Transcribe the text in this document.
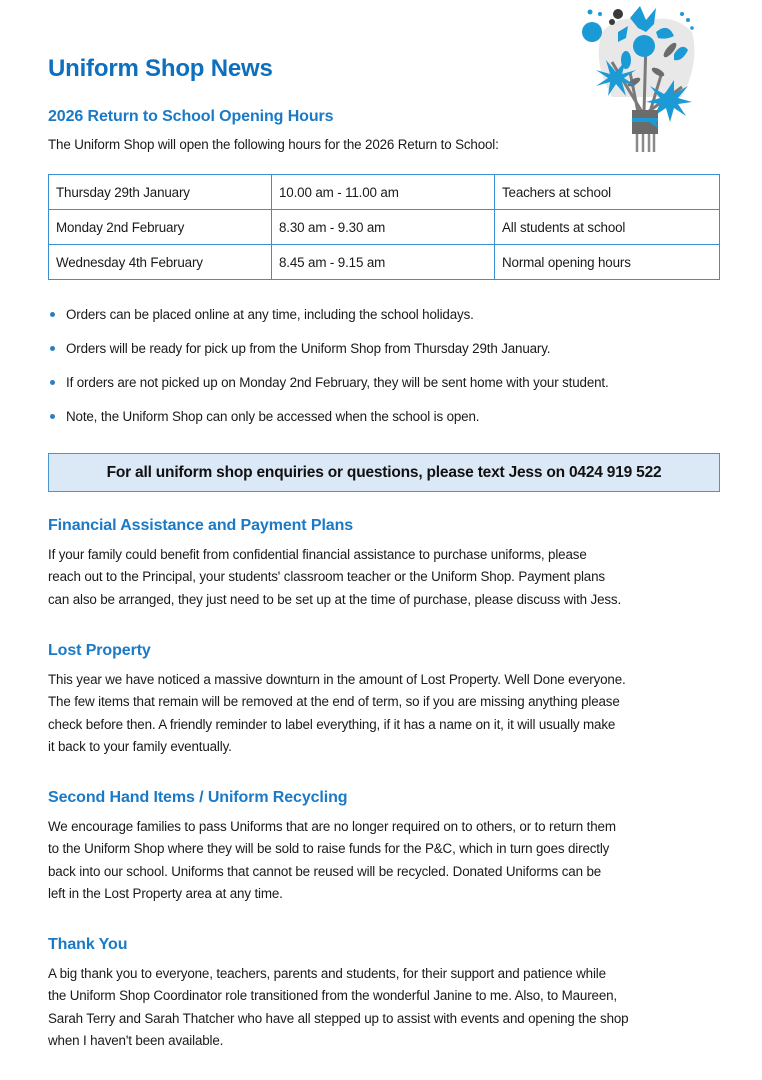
Uniform Shop News
2026 Return to School Opening Hours

The Uniform Shop will open the following hours for the 2026 Return to School:

Thursday 29th January	10.00 am - 11.00 am	Teachers at school
Monday 2nd February	8.30 am - 9.30 am	All students at school
Wednesday 4th February	8.45 am - 9.15 am	Normal opening hours
Orders can be placed online at any time, including the school holidays.
Orders will be ready for pick up from the Uniform Shop from Thursday 29th January.
If orders are not picked up on Monday 2nd February, they will be sent home with your student.
Note, the Uniform Shop can only be accessed when the school is open.
For all uniform shop enquiries or questions, please text Jess on 0424 919 522
Financial Assistance and Payment Plans

If your family could benefit from confidential financial assistance to purchase uniforms, please

reach out to the Principal, your students' classroom teacher or the Uniform Shop. Payment plans

can also be arranged, they just need to be set up at the time of purchase, please discuss with Jess.

Lost Property

This year we have noticed a massive downturn in the amount of Lost Property. Well Done everyone.

The few items that remain will be removed at the end of term, so if you are missing anything please

check before then. A friendly reminder to label everything, if it has a name on it, it will usually make

it back to your family eventually.

Second Hand Items / Uniform Recycling

We encourage families to pass Uniforms that are no longer required on to others, or to return them

to the Uniform Shop where they will be sold to raise funds for the P&C, which in turn goes directly

back into our school. Uniforms that cannot be reused will be recycled. Donated Uniforms can be

left in the Lost Property area at any time.

Thank You

A big thank you to everyone, teachers, parents and students, for their support and patience while

the Uniform Shop Coordinator role transitioned from the wonderful Janine to me. Also, to Maureen,

Sarah Terry and Sarah Thatcher who have all stepped up to assist with events and opening the shop

when I haven't been available.
